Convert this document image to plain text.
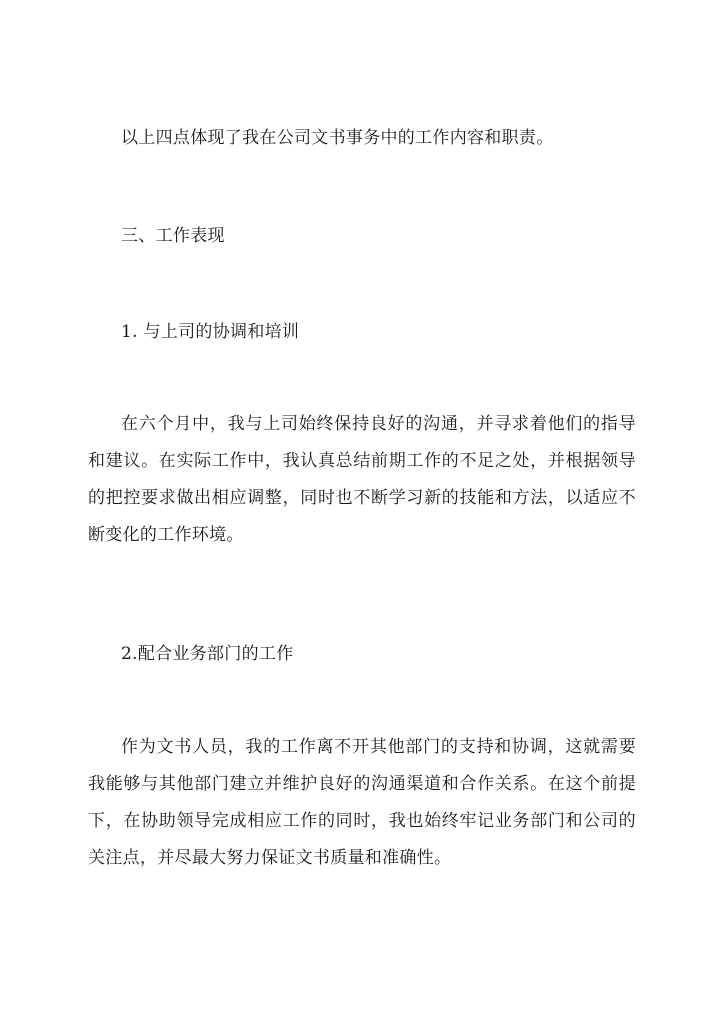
以上四点体现了我在公司文书事务中的工作内容和职责。
三、工作表现
1. 与上司的协调和培训
在六个月中，我与上司始终保持良好的沟通，并寻求着他们的指导和建议。在实际工作中，我认真总结前期工作的不足之处，并根据领导的把控要求做出相应调整，同时也不断学习新的技能和方法，以适应不断变化的工作环境。
2.配合业务部门的工作
作为文书人员，我的工作离不开其他部门的支持和协调，这就需要我能够与其他部门建立并维护良好的沟通渠道和合作关系。在这个前提下，在协助领导完成相应工作的同时，我也始终牢记业务部门和公司的关注点，并尽最大努力保证文书质量和准确性。
